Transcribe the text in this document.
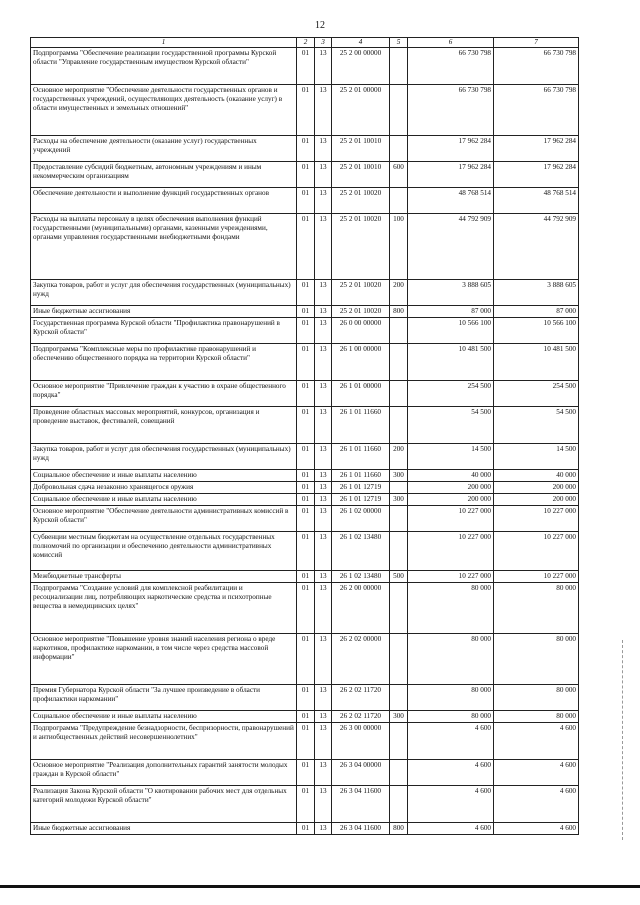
12
1	2	3	4	5	6	7
Подпрограмма "Обеспечение реализации государственной программы Курской области "Управление государственным имуществом Курской области"	01	13	25 2 00 00000		66 730 798	66 730 798
Основное мероприятие "Обеспечение деятельности государственных органов и государственных учреждений, осуществляющих деятельность (оказание услуг) в области имущественных и земельных отношений"	01	13	25 2 01 00000		66 730 798	66 730 798
Расходы на обеспечение деятельности (оказание услуг) государственных учреждений	01	13	25 2 01 10010		17 962 284	17 962 284
Предоставление субсидий бюджетным, автономным учреждениям и иным некоммерческим организациям	01	13	25 2 01 10010	600	17 962 284	17 962 284
Обеспечение деятельности и выполнение функций государственных органов	01	13	25 2 01 10020		48 768 514	48 768 514
Расходы на выплаты персоналу в целях обеспечения выполнения функций государственными (муниципальными) органами, казенными учреждениями, органами управления государственными внебюджетными фондами	01	13	25 2 01 10020	100	44 792 909	44 792 909
Закупка товаров, работ и услуг для обеспечения государственных (муниципальных) нужд	01	13	25 2 01 10020	200	3 888 605	3 888 605
Иные бюджетные ассигнования	01	13	25 2 01 10020	800	87 000	87 000
Государственная программа Курской области "Профилактика правонарушений в Курской области"	01	13	26 0 00 00000		10 566 100	10 566 100
Подпрограмма "Комплексные меры по профилактике правонарушений и обеспечению общественного порядка на территории Курской области"	01	13	26 1 00 00000		10 481 500	10 481 500
Основное мероприятие "Привлечение граждан к участию в охране общественного порядка"	01	13	26 1 01 00000		254 500	254 500
Проведение областных массовых мероприятий, конкурсов, организация и проведение выставок, фестивалей, совещаний	01	13	26 1 01 11660		54 500	54 500
Закупка товаров, работ и услуг для обеспечения государственных (муниципальных) нужд	01	13	26 1 01 11660	200	14 500	14 500
Социальное обеспечение и иные выплаты населению	01	13	26 1 01 11660	300	40 000	40 000
Добровольная сдача незаконно хранящегося оружия	01	13	26 1 01 12719		200 000	200 000
Социальное обеспечение и иные выплаты населению	01	13	26 1 01 12719	300	200 000	200 000
Основное мероприятие "Обеспечение деятельности административных комиссий в Курской области"	01	13	26 1 02 00000		10 227 000	10 227 000
Субвенции местным бюджетам на осуществление отдельных государственных полномочий по организации и обеспечению деятельности административных комиссий	01	13	26 1 02 13480		10 227 000	10 227 000
Межбюджетные трансферты	01	13	26 1 02 13480	500	10 227 000	10 227 000
Подпрограмма "Создание условий для комплексной реабилитации и ресоциализации лиц, потребляющих наркотические средства и психотропные вещества в немедицинских целях"	01	13	26 2 00 00000		80 000	80 000
Основное мероприятие "Повышение уровня знаний населения региона о вреде наркотиков, профилактике наркомании, в том числе через средства массовой информации"	01	13	26 2 02 00000		80 000	80 000
Премия Губернатора Курской области "За лучшее произведение в области профилактики наркомании"	01	13	26 2 02 11720		80 000	80 000
Социальное обеспечение и иные выплаты населению	01	13	26 2 02 11720	300	80 000	80 000
Подпрограмма "Предупреждение безнадзорности, беспризорности, правонарушений и антиобщественных действий несовершеннолетних"	01	13	26 3 00 00000		4 600	4 600
Основное мероприятие "Реализация дополнительных гарантий занятости молодых граждан в Курской области"	01	13	26 3 04 00000		4 600	4 600
Реализация Закона Курской области "О квотировании рабочих мест для отдельных категорий молодежи Курской области"	01	13	26 3 04 11600		4 600	4 600
Иные бюджетные ассигнования	01	13	26 3 04 11600	800	4 600	4 600
